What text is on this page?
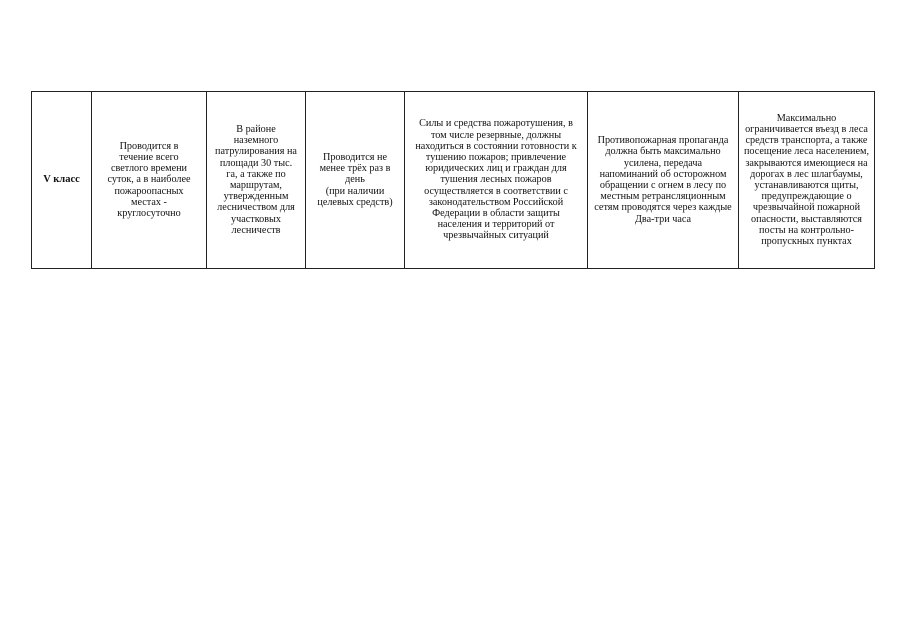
V класс

Проводится в течение всего светлого времени суток, а в наиболее пожароопасных местах - круглосуточно

В районе наземного патрулирования на площади 30 тыс. га, а также по маршрутам, утвержденным лесничеством для участковых лесничеств

Проводится не менее трёх раз в день
(при наличии целевых средств)

Силы и средства пожаротушения, в том числе резервные, должны находиться в состоянии готовности к тушению пожаров; привлечение юридических лиц и граждан для тушения лесных пожаров осуществляется в соответствии с законодательством Российской Федерации в области защиты населения и территорий от чрезвычайных ситуаций

Противопожарная пропаганда должна быть максимально усилена, передача напоминаний об осторожном обращении с огнем в лесу по местным ретрансляционным сетям проводятся через каждые Два-три часа

Максимально ограничивается въезд в леса средств транспорта, а также посещение леса населением, закрываются имеющиеся на дорогах в лес шлагбаумы, устанавливаются щиты, предупреждающие о чрезвычайной пожарной опасности, выставляются посты на контрольно-пропускных пунктах
